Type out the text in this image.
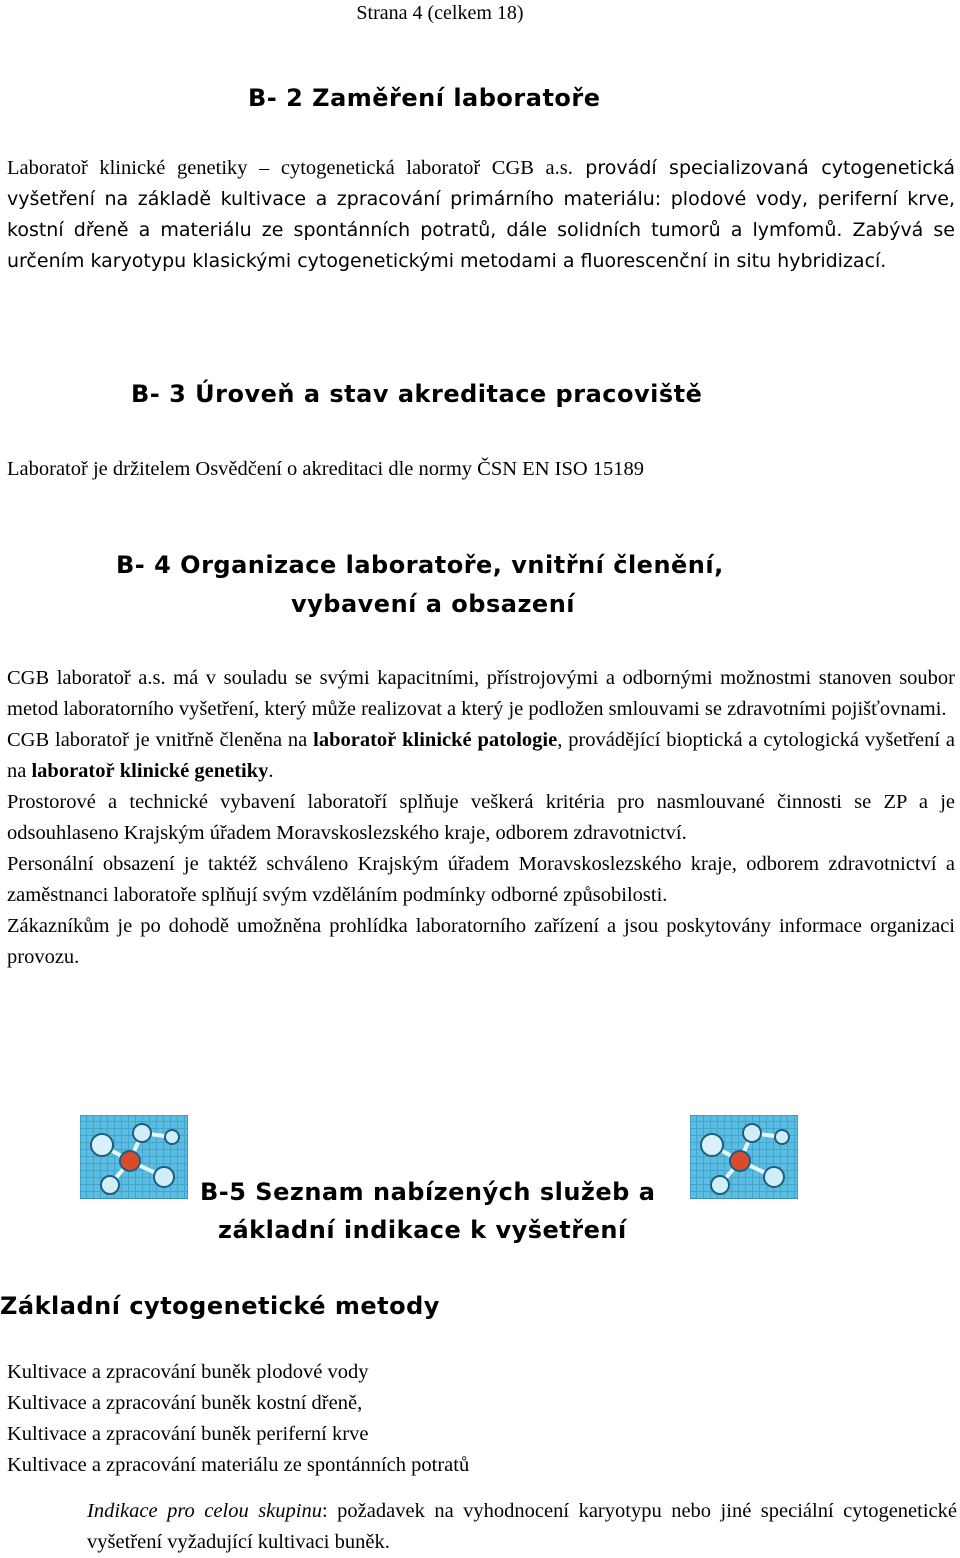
Strana 4 (celkem 18)
B- 2 Zaměření laboratoře

Laboratoř klinické genetiky – cytogenetická laboratoř CGB a.s. provádí specializovaná cytogenetická vyšetření na základě kultivace a zpracování primárního materiálu: plodové vody, periferní krve, kostní dřeně a materiálu ze spontánních potratů, dále solidních tumorů a lymfomů. Zabývá se určením karyotypu klasickými cytogenetickými metodami a fluorescenční in situ hybridizací.

B- 3 Úroveň a stav akreditace pracoviště
Laboratoř je držitelem Osvědčení o akreditaci dle normy ČSN EN ISO 15189
B- 4 Organizace laboratoře, vnitřní členění,
vybavení a obsazení

CGB laboratoř a.s. má v souladu se svými kapacitními, přístrojovými a odbornými možnostmi stanoven soubor metod laboratorního vyšetření, který může realizovat a který je podložen smlouvami se zdravotními pojišťovnami.

CGB laboratoř je vnitřně členěna na laboratoř klinické patologie, provádějící bioptická a cytologická vyšetření a na laboratoř klinické genetiky.

Prostorové a technické vybavení laboratoří splňuje veškerá kritéria pro nasmlouvané činnosti se ZP a je odsouhlaseno Krajským úřadem Moravskoslezského kraje, odborem zdravotnictví.

Personální obsazení je taktéž schváleno Krajským úřadem Moravskoslezského kraje, odborem zdravotnictví a zaměstnanci laboratoře splňují svým vzděláním podmínky odborné způsobilosti.

Zákazníkům je po dohodě umožněna prohlídka laboratorního zařízení a jsou poskytovány informace organizaci provozu.

B-5 Seznam nabízených služeb a
základní indikace k vyšetření
Základní cytogenetické metody
Kultivace a zpracování buněk plodové vody
Kultivace a zpracování buněk kostní dřeně,
Kultivace a zpracování buněk periferní krve
Kultivace a zpracování materiálu ze spontánních potratů
Indikace pro celou skupinu: požadavek na vyhodnocení karyotypu nebo jiné speciální cytogenetické vyšetření vyžadující kultivaci buněk.
